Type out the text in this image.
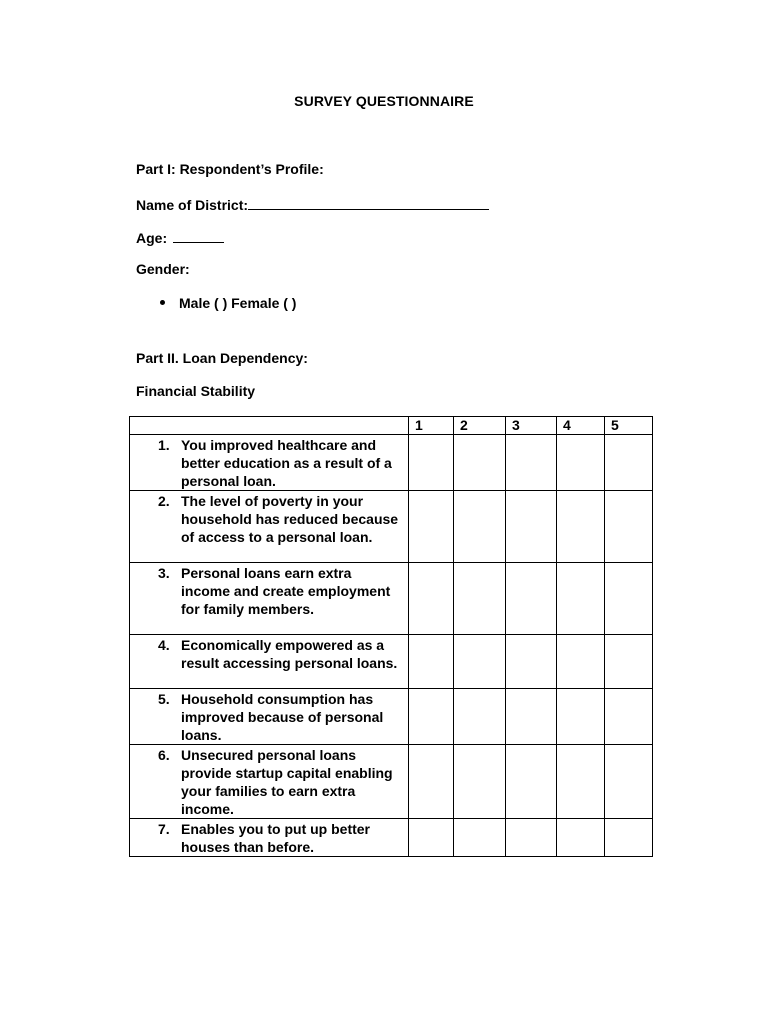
SURVEY QUESTIONNAIRE
Part I: Respondent’s Profile:
Name of District:
Age:
Gender:
Male ( ) Female ( )
Part II. Loan Dependency:
Financial Stability
	1	2	3	4	5

1. You improved healthcare and better education as a result of a personal loan.					

2. The level of poverty in your household has reduced because of access to a personal loan.					

3. Personal loans earn extra income and create employment for family members.					

4. Economically empowered as a result accessing personal loans.					

5. Household consumption has improved because of personal loans.					

6. Unsecured personal loans provide startup capital enabling your families to earn extra income.					

7. Enables you to put up better houses than before.					
